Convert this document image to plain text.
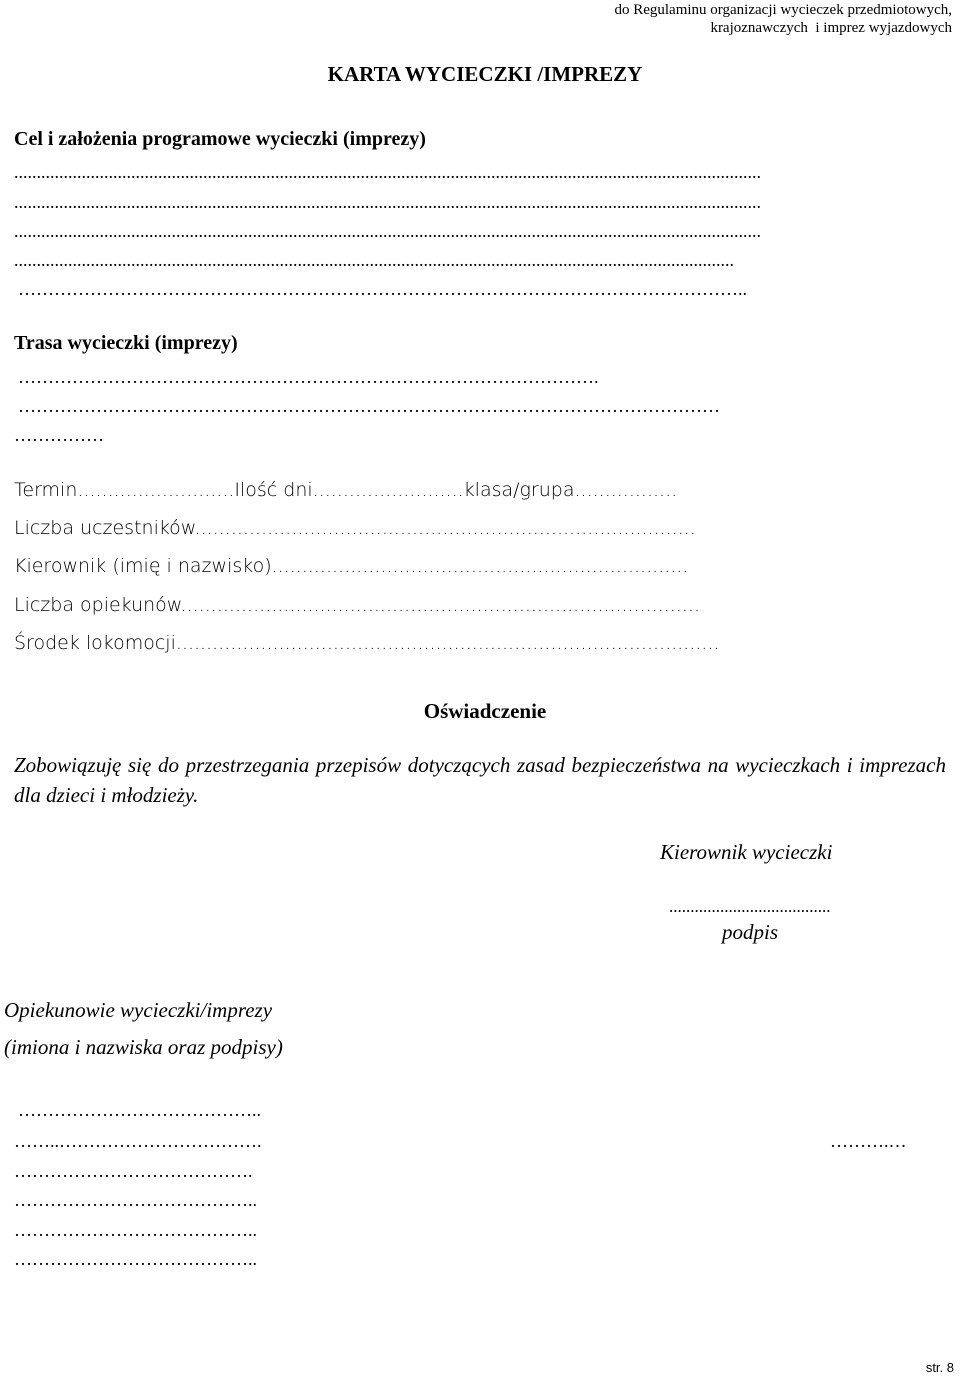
do Regulaminu organizacji wycieczek przedmiotowych,
krajoznawczych  i imprez wyjazdowych
KARTA WYCIECZKI /IMPREZY
Cel i założenia programowe wycieczki (imprezy)
......................................................................................................................................................................
......................................................................................................................................................................
......................................................................................................................................................................
................................................................................................................................................................
…………………………………………………………………………………………………………..
Trasa wycieczki (imprezy)
…………………………………………………………………………………….
………………………………………………………………………………………………………
……………
Termin..........................Ilość dni.........................klasa/grupa.................
Liczba uczestników...................................................................................
Kierownik (imię i nazwisko).....................................................................
Liczba opiekunów......................................................................................
Środek lokomocji..........................................................................................
Oświadczenie
Zobowiązuję się do przestrzegania przepisów dotyczących zasad bezpieczeństwa na wycieczkach i imprezach dla dzieci i młodzieży.
Kierownik wycieczki
......................................
podpis
Opiekunowie wycieczki/imprezy
(imiona i nazwiska oraz podpisy)
…………………………………..
……..…………………………….	……….…
………………………………….
…………………………………..
…………………………………..
…………………………………..
str. 8
